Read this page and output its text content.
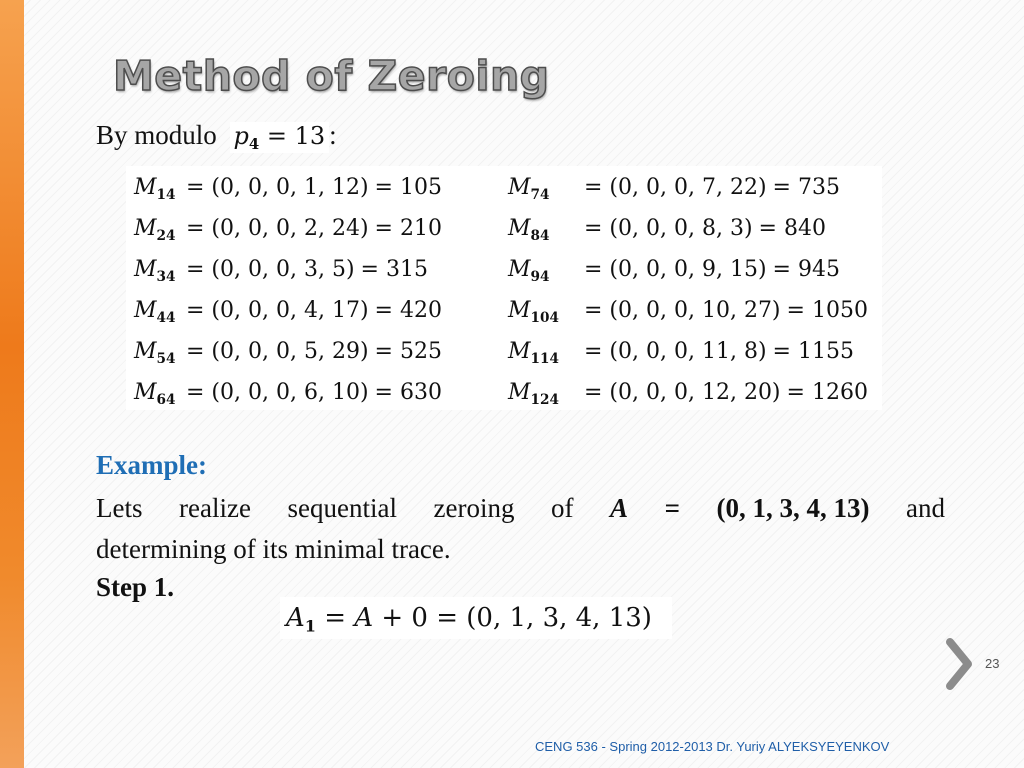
Method of Zeroing
By modulo $p_4 = 13$ :
$M_{14} = (0$, 0, 0, 1, 12) = 105
$M_{24} = (0$, 0, 0, 2, 24) = 210
$M_{34} = (0$, 0, 0, 3, 5) = 315
$M_{44} = (0$, 0, 0, 4, 17) = 420
$M_{54} = (0$, 0, 0, 5, 29) = 525
$M_{64} = (0$, 0, 0, 6, 10) = 630
$M_{74} = (0$, 0, 0, 7, 22) = 735
$M_{84} = (0$, 0, 0, 8, 3) = 840
$M_{94} = (0$, 0, 0, 9, 15) = 945
$M_{104} = (0$, 0, 0, 10, 27) = 1050
$M_{114} = (0$, 0, 0, 11, 8) = 1155
$M_{124} = (0$, 0, 0, 12, 20) = 1260
Example:
Lets realize sequential zeroing of A = (0, 1, 3, 4, 13) and
determining of its minimal trace.
Step 1.
$A_1 = A + 0 = (0$, 1, 3, 4, 13)
23
CENG 536 - Spring 2012-2013 Dr. Yuriy ALYEKSYEYENKOV
